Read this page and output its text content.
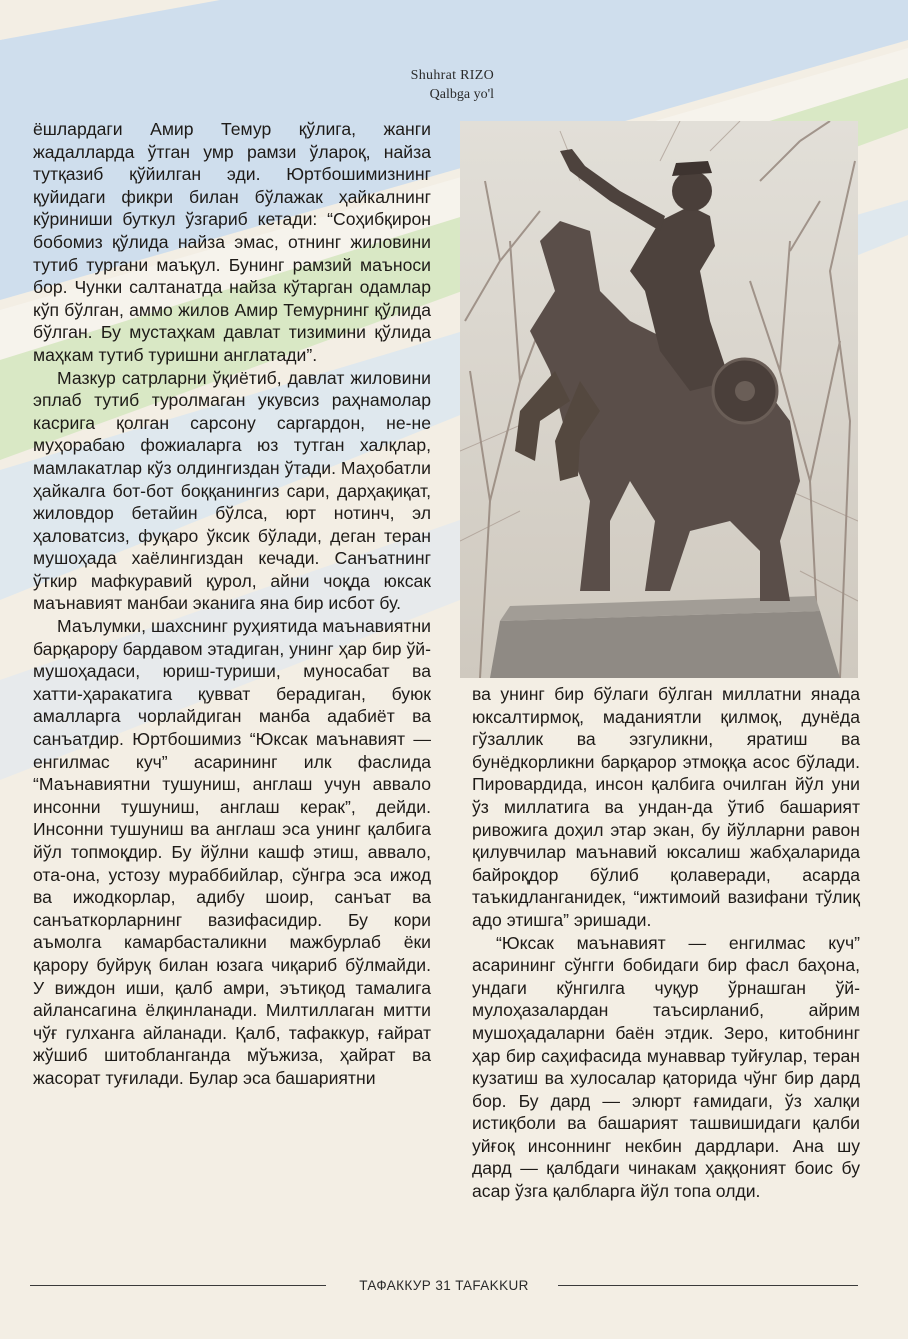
Shuhrat RIZO
Qalbga yo'l

ёшлардаги Амир Темур қўлига, жанги жадалларда ўтган умр рамзи ўлароқ, найза тутқазиб қўйилган эди. Юртбошимизнинг қуйидаги фикри билан бўлажак ҳайкалнинг кўриниши буткул ўзгариб кетади: “Соҳибқирон бобомиз қўлида найза эмас, отнинг жиловини тутиб тургани маъқул. Бунинг рамзий маъноси бор. Чунки салтанатда найза кўтарган одамлар кўп бўлган, аммо жилов Амир Темурнинг қўлида бўлган. Бу мустаҳкам давлат тизимини қўлида маҳкам тутиб туришни англатади”.

Мазкур сатрларни ўқиётиб, давлат жиловини эплаб тутиб туролмаган укувсиз раҳнамолар касрига қолган сарсону саргардон, не-не муҳорабаю фожиаларга юз тутган халқлар, мамлакатлар кўз олдингиздан ўтади. Маҳобатли ҳайкалга бот-бот боққанингиз сари, дарҳақиқат, жиловдор бетайин бўлса, юрт нотинч, эл ҳаловатсиз, фуқаро ўксик бўлади, деган теран мушоҳада хаёлингиздан кечади. Санъатнинг ўткир мафкуравий қурол, айни чоқда юксак маънавият манбаи эканига яна бир исбот бу.

Маълумки, шахснинг руҳиятида маънавиятни барқарору бардавом этадиган, унинг ҳар бир ўй-мушоҳадаси, юриш-туриши, муносабат ва хатти-ҳаракатига қувват берадиган, буюк амалларга чорлайдиган манба адабиёт ва санъатдир. Юртбошимиз “Юксак маънавият — енгилмас куч” асарининг илк фаслида “Маънавиятни тушуниш, англаш учун аввало инсонни тушуниш, англаш керак”, дейди. Инсонни тушуниш ва англаш эса унинг қалбига йўл топмоқдир. Бу йўлни кашф этиш, аввало, ота-она, устозу мураббийлар, сўнгра эса ижод ва ижодкорлар, адибу шоир, санъат ва санъаткорларнинг вазифасидир. Бу кори аъмолга камарбасталикни мажбурлаб ёки қарору буйруқ билан юзага чиқариб бўлмайди. У виждон иши, қалб амри, эътиқод тамалига айлансагина ёлқинланади. Милтиллаган митти чўғ гулханга айланади. Қалб, тафаккур, ғайрат жўшиб шитобланганда мўъжиза, ҳайрат ва жасорат туғилади. Булар эса башариятни

ва унинг бир бўлаги бўлган миллатни янада юксалтирмоқ, маданиятли қилмоқ, дунёда гўзаллик ва эзгуликни, яратиш ва бунёдкорликни барқарор этмоққа асос бўлади. Пировардида, инсон қалбига очилган йўл уни ўз миллатига ва ундан-да ўтиб башарият ривожига доҳил этар экан, бу йўлларни равон қилувчилар маънавий юксалиш жабҳаларида байроқдор бўлиб қолаверади, асарда таъкидланганидек, “ижтимоий вазифани тўлиқ адо этишга” эришади.

“Юксак маънавият — енгилмас куч” асарининг сўнгги бобидаги бир фасл баҳона, ундаги кўнгилга чуқур ўрнашган ўй-мулоҳазалардан таъсирланиб, айрим мушоҳадаларни баён этдик. Зеро, китобнинг ҳар бир саҳифасида мунаввар туйғулар, теран кузатиш ва хулосалар қаторида чўнг бир дард бор. Бу дард — элюрт ғамидаги, ўз халқи истиқболи ва башарият ташвишидаги қалби уйғоқ инсоннинг некбин дардлари. Ана шу дард — қалбдаги чинакам ҳаққоният боис бу асар ўзга қалбларга йўл топа олди.

ТАФАККУР 31 TAFAKKUR
